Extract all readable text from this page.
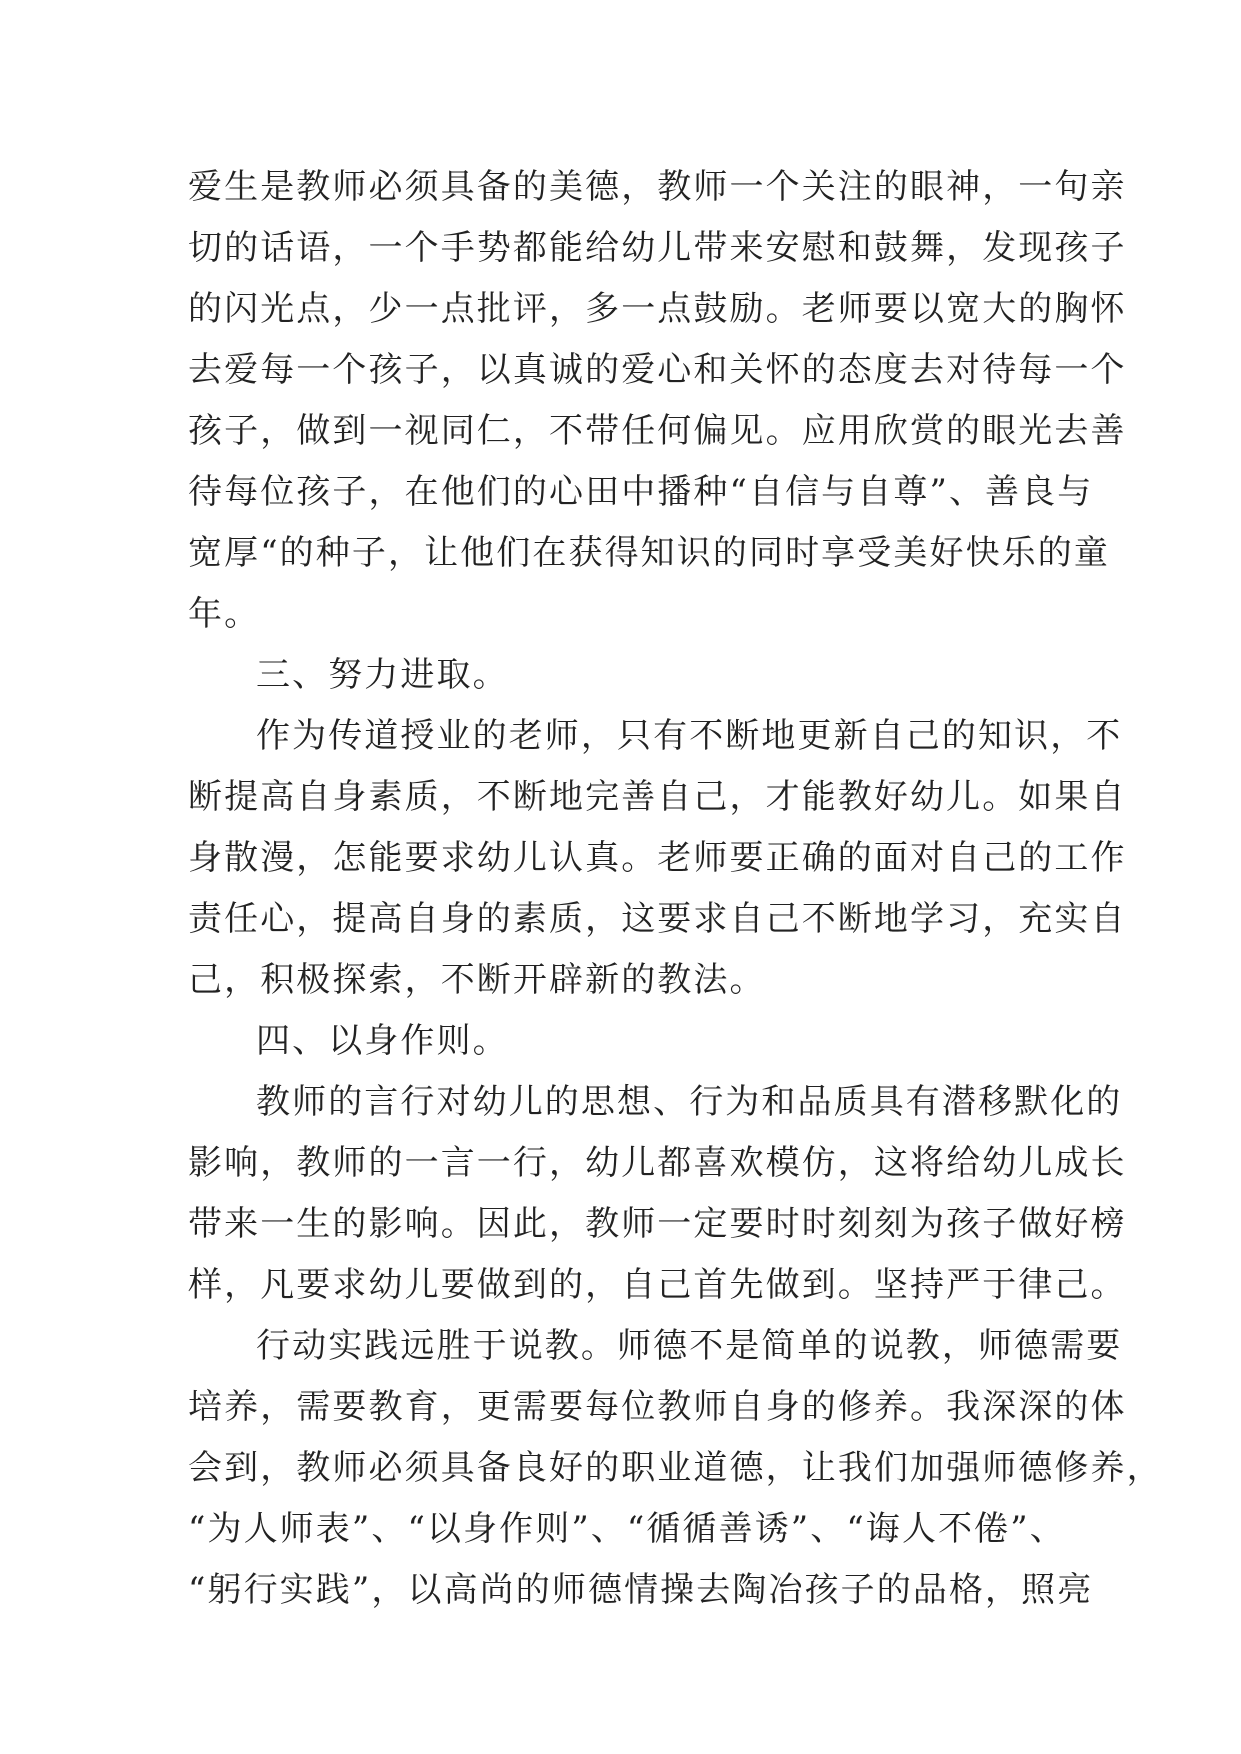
爱生是教师必须具备的美德，教师一个关注的眼神，一句亲
切的话语，一个手势都能给幼儿带来安慰和鼓舞，发现孩子
的闪光点，少一点批评，多一点鼓励。老师要以宽大的胸怀
去爱每一个孩子，以真诚的爱心和关怀的态度去对待每一个
孩子，做到一视同仁，不带任何偏见。应用欣赏的眼光去善
待每位孩子，在他们的心田中播种“自信与自尊”、善良与
宽厚“的种子，让他们在获得知识的同时享受美好快乐的童
年。
三、努力进取。
作为传道授业的老师，只有不断地更新自己的知识，不
断提高自身素质，不断地完善自己，才能教好幼儿。如果自
身散漫，怎能要求幼儿认真。老师要正确的面对自己的工作
责任心，提高自身的素质，这要求自己不断地学习，充实自
己，积极探索，不断开辟新的教法。
四、以身作则。
教师的言行对幼儿的思想、行为和品质具有潜移默化的
影响，教师的一言一行，幼儿都喜欢模仿，这将给幼儿成长
带来一生的影响。因此，教师一定要时时刻刻为孩子做好榜
样，凡要求幼儿要做到的，自己首先做到。坚持严于律己。
行动实践远胜于说教。师德不是简单的说教，师德需要
培养，需要教育，更需要每位教师自身的修养。我深深的体
会到，教师必须具备良好的职业道德，让我们加强师德修养，
“为人师表”、“以身作则”、“循循善诱”、“诲人不倦”、
“躬行实践”，以高尚的师德情操去陶冶孩子的品格，照亮
